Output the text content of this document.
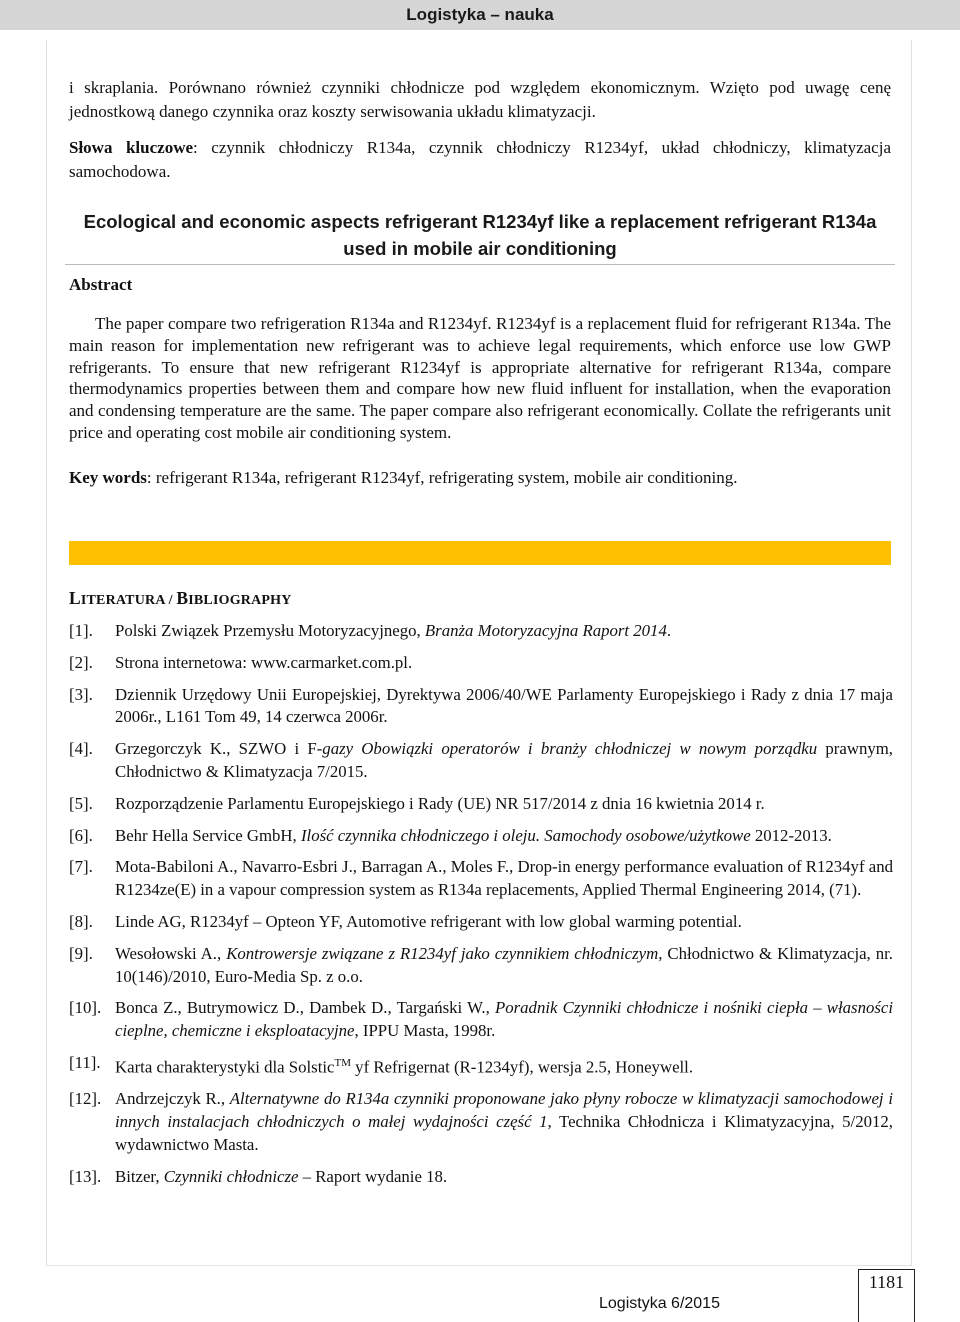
Logistyka – nauka

i skraplania. Porównano również czynniki chłodnicze pod względem ekonomicznym. Wzięto pod uwagę cenę jednostkową danego czynnika oraz koszty serwisowania układu klimatyzacji.

Słowa kluczowe: czynnik chłodniczy R134a, czynnik chłodniczy R1234yf, układ chłodniczy, klimatyzacja samochodowa.

Ecological and economic aspects refrigerant R1234yf like a replacement refrigerant R134a used in mobile air conditioning
Abstract

The paper compare two refrigeration R134a and R1234yf. R1234yf is a replacement fluid for refrigerant R134a. The main reason for implementation new refrigerant was to achieve legal requirements, which enforce use low GWP refrigerants. To ensure that new refrigerant R1234yf is appropriate alternative for refrigerant R134a, compare thermodynamics properties between them and compare how new fluid influent for installation, when the evaporation and condensing temperature are the same. The paper compare also refrigerant economically. Collate the refrigerants unit price and operating cost mobile air conditioning system.

Key words: refrigerant R134a, refrigerant R1234yf, refrigerating system, mobile air conditioning.

LITERATURA / BIBLIOGRAPHY
[1].	Polski Związek Przemysłu Motoryzacyjnego, Branża Motoryzacyjna Raport 2014.
[2].	Strona internetowa: www.carmarket.com.pl.
[3].	Dziennik Urzędowy Unii Europejskiej, Dyrektywa 2006/40/WE Parlamenty Europejskiego i Rady z dnia 17 maja 2006r., L161 Tom 49, 14 czerwca 2006r.
[4].	Grzegorczyk K., SZWO i F-gazy Obowiązki operatorów i branży chłodniczej w nowym porządku prawnym, Chłodnictwo & Klimatyzacja 7/2015.
[5].	Rozporządzenie Parlamentu Europejskiego i Rady (UE) NR 517/2014 z dnia 16 kwietnia 2014 r.
[6].	Behr Hella Service GmbH, Ilość czynnika chłodniczego i oleju. Samochody osobowe/użytkowe 2012-2013.
[7].	Mota-Babiloni A., Navarro-Esbri J., Barragan A., Moles F., Drop-in energy performance evaluation of R1234yf and R1234ze(E) in a vapour compression system as R134a replacements, Applied Thermal Engineering 2014, (71).
[8].	Linde AG, R1234yf – Opteon YF, Automotive refrigerant with low global warming potential.
[9].	Wesołowski A., Kontrowersje związane z R1234yf jako czynnikiem chłodniczym, Chłodnictwo & Klimatyzacja, nr. 10(146)/2010, Euro-Media Sp. z o.o.
[10]. Bonca Z., Butrymowicz D., Dambek D., Targański W., Poradnik Czynniki chłodnicze i nośniki ciepła – własności cieplne, chemiczne i eksploatacyjne, IPPU Masta, 1998r.
[11]. Karta charakterystyki dla Solstic™ yf Refrigernat (R-1234yf), wersja 2.5, Honeywell.
[12]. Andrzejczyk R., Alternatywne do R134a czynniki proponowane jako płyny robocze w klimatyzacji samochodowej i innych instalacjach chłodniczych o małej wydajności część 1, Technika Chłodnicza i Klimatyzacyjna, 5/2012, wydawnictwo Masta.
[13]. Bitzer, Czynniki chłodnicze – Raport wydanie 18.
Logistyka 6/2015
1181
